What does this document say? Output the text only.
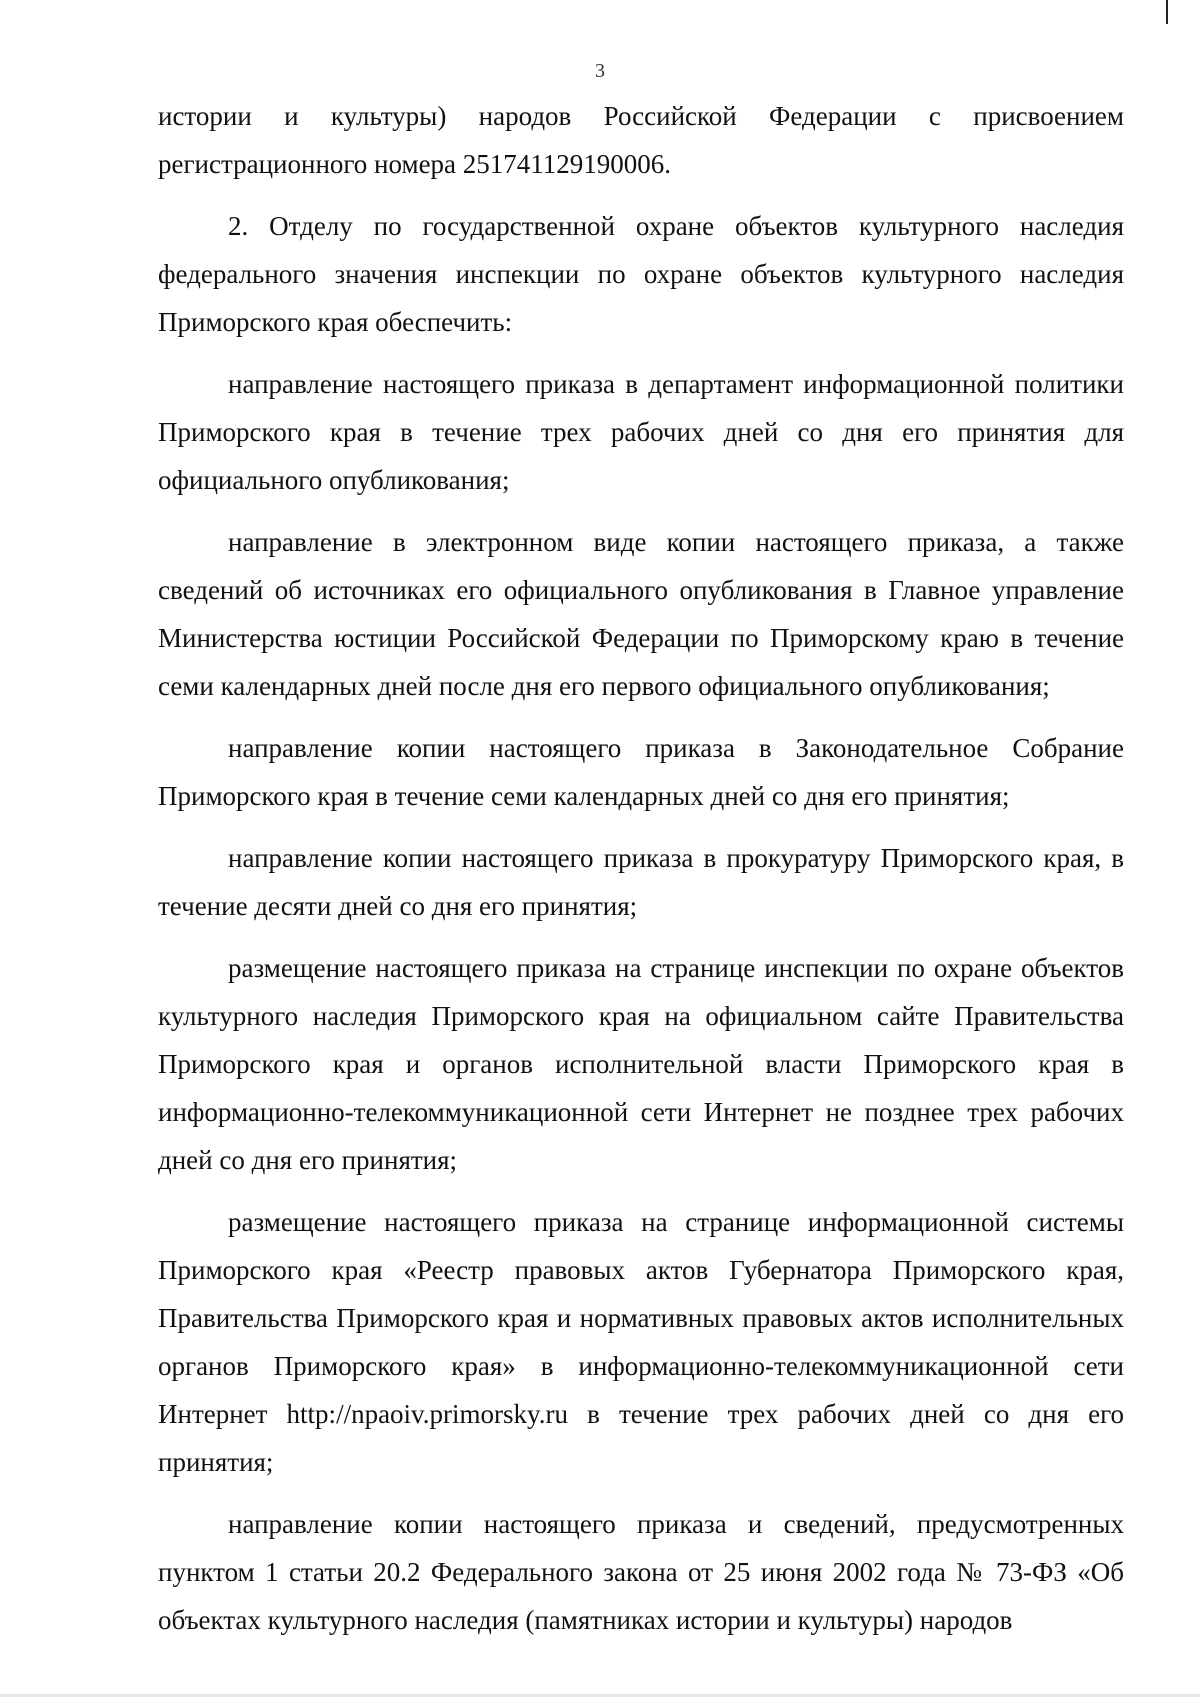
3

истории и культуры) народов Российской Федерации с присвоением регистрационного номера 251741129190006.

2. Отделу по государственной охране объектов культурного наследия федерального значения инспекции по охране объектов культурного наследия Приморского края обеспечить:

направление настоящего приказа в департамент информационной политики Приморского края в течение трех рабочих дней со дня его принятия для официального опубликования;

направление в электронном виде копии настоящего приказа, а также сведений об источниках его официального опубликования в Главное управление Министерства юстиции Российской Федерации по Приморскому краю в течение семи календарных дней после дня его первого официального опубликования;

направление копии настоящего приказа в Законодательное Собрание Приморского края в течение семи календарных дней со дня его принятия;

направление копии настоящего приказа в прокуратуру Приморского края, в течение десяти дней со дня его принятия;

размещение настоящего приказа на странице инспекции по охране объектов культурного наследия Приморского края на официальном сайте Правительства Приморского края и органов исполнительной власти Приморского края в информационно-телекоммуникационной сети Интернет не позднее трех рабочих дней со дня его принятия;

размещение настоящего приказа на странице информационной системы Приморского края «Реестр правовых актов Губернатора Приморского края, Правительства Приморского края и нормативных правовых актов исполнительных органов Приморского края» в информационно-телекоммуникационной сети Интернет http://npaoiv.primorsky.ru в течение трех рабочих дней со дня его принятия;

направление копии настоящего приказа и сведений, предусмотренных пунктом 1 статьи 20.2 Федерального закона от 25 июня 2002 года № 73-ФЗ «Об объектах культурного наследия (памятниках истории и культуры) народов
